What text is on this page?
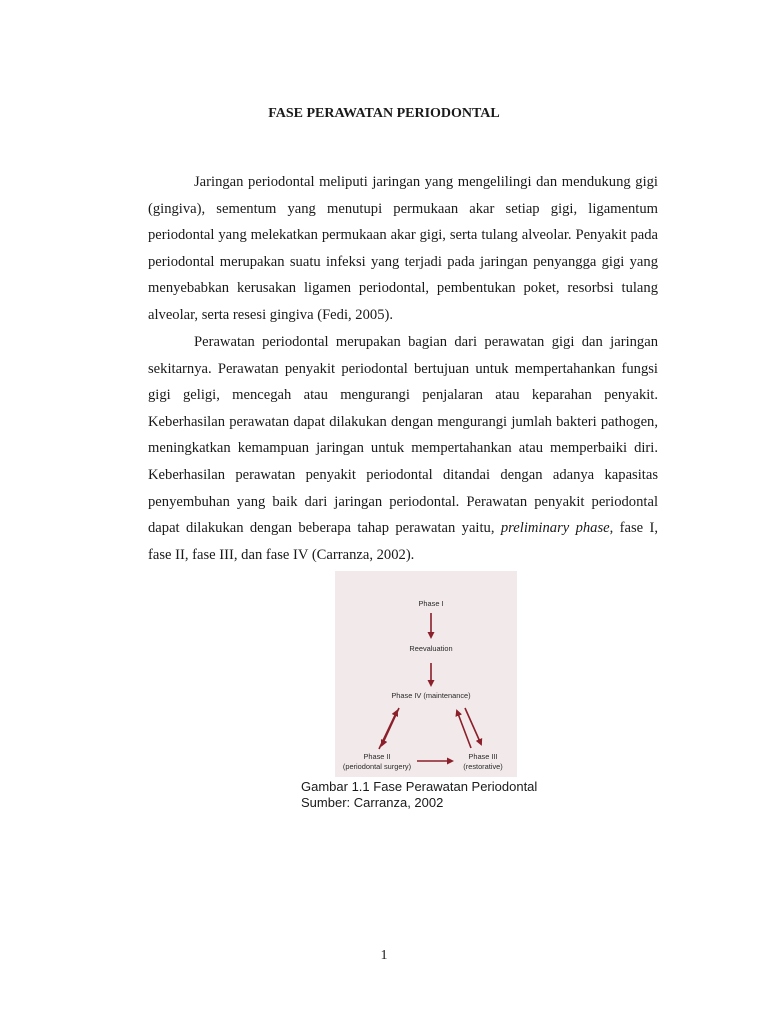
FASE PERAWATAN PERIODONTAL

Jaringan periodontal meliputi jaringan yang mengelilingi dan mendukung gigi (gingiva), sementum yang menutupi permukaan akar setiap gigi, ligamentum periodontal yang melekatkan permukaan akar gigi, serta tulang alveolar. Penyakit pada periodontal merupakan suatu infeksi yang terjadi pada jaringan penyangga gigi yang menyebabkan kerusakan ligamen periodontal, pembentukan poket, resorbsi tulang alveolar, serta resesi gingiva (Fedi, 2005).

Perawatan periodontal merupakan bagian dari perawatan gigi dan jaringan sekitarnya. Perawatan penyakit periodontal bertujuan untuk mempertahankan fungsi gigi geligi, mencegah atau mengurangi penjalaran atau keparahan penyakit. Keberhasilan perawatan dapat dilakukan dengan mengurangi jumlah bakteri pathogen, meningkatkan kemampuan jaringan untuk mempertahankan atau memperbaiki diri. Keberhasilan perawatan penyakit periodontal ditandai dengan adanya kapasitas penyembuhan yang baik dari jaringan periodontal. Perawatan penyakit periodontal dapat dilakukan dengan beberapa tahap perawatan yaitu, preliminary phase, fase I, fase II, fase III, dan fase IV (Carranza, 2002).

Phase I
Reevaluation
Phase IV (maintenance)
Phase II
(periodontal surgery)
Phase III
(restorative)
Gambar 1.1 Fase Perawatan Periodontal
Sumber: Carranza, 2002
1
